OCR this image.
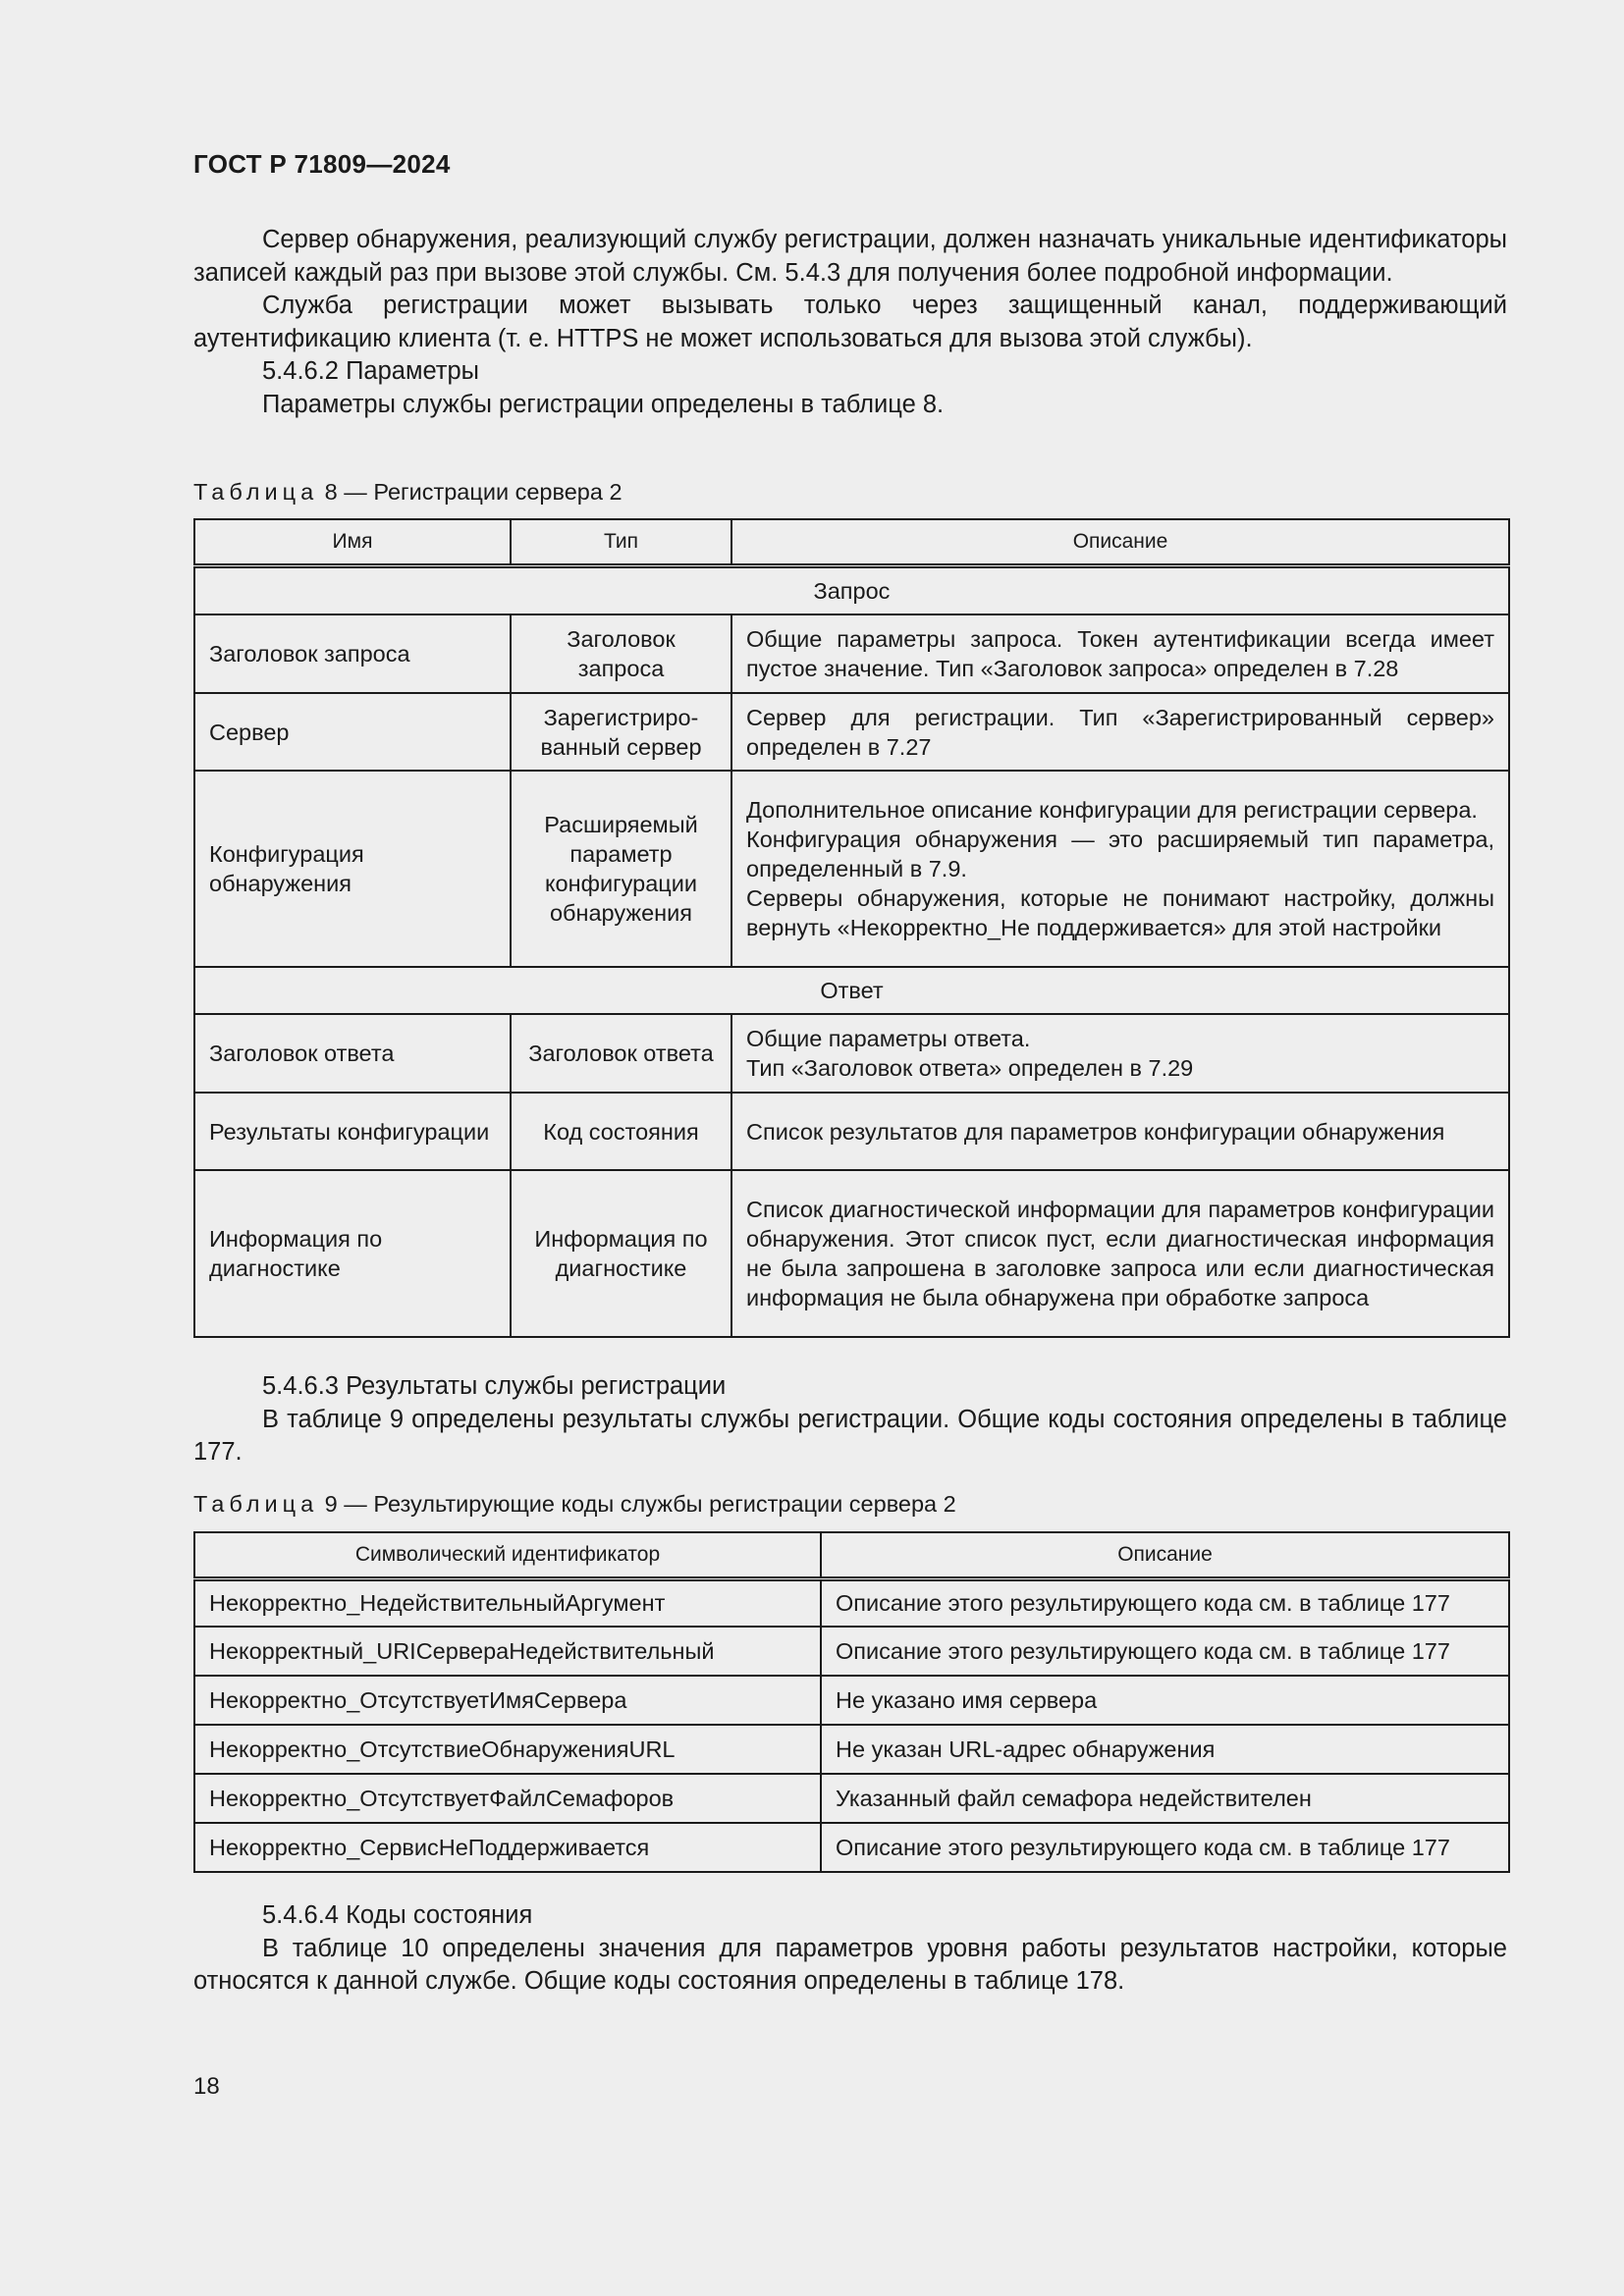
ГОСТ Р 71809—2024

Сервер обнаружения, реализующий службу регистрации, должен назначать уникальные идентификаторы записей каждый раз при вызове этой службы. См. 5.4.3 для получения более подробной информации.

Служба регистрации может вызывать только через защищенный канал, поддерживающий аутентификацию клиента (т. е. HTTPS не может использоваться для вызова этой службы).

5.4.6.2 Параметры

Параметры службы регистрации определены в таблице 8.

Таблица 8 — Регистрации сервера 2
Имя	Тип	Описание
Запрос		
Заголовок запроса	Заголовок запроса	Общие параметры запроса. Токен аутентификации всегда имеет пустое значение. Тип «Заголовок запроса» определен в 7.28
Сервер	Зарегистриро-ванный сервер	Сервер для регистрации. Тип «Зарегистрированный сервер» определен в 7.27
Конфигурация обнаружения	Расширяемый параметр конфигурации обнаружения	Дополнительное описание конфигурации для регистрации сервера.
Конфигурация обнаружения — это расширяемый тип параметра, определенный в 7.9.
Серверы обнаружения, которые не понимают настройку, должны вернуть «Некорректно_Не поддерживается» для этой настройки

Ответ		
Заголовок ответа	Заголовок ответа	Общие параметры ответа.
Тип «Заголовок ответа» определен в 7.29

Результаты конфигурации	Код состояния	Список результатов для параметров конфигурации обнаружения
Информация по диагностике	Информация по диагностике	Список диагностической информации для параметров конфигурации обнаружения. Этот список пуст, если диагностическая информация не была запрошена в заголовке запроса или если диагностическая информация не была обнаружена при обработке запроса

5.4.6.3 Результаты службы регистрации

В таблице 9 определены результаты службы регистрации. Общие коды состояния определены в таблице 177.

Таблица 9 — Результирующие коды службы регистрации сервера 2
Символический идентификатор	Описание
Некорректно_НедействительныйАргумент	Описание этого результирующего кода см. в таблице 177
Некорректный_URIСервераНедействительный	Описание этого результирующего кода см. в таблице 177
Некорректно_ОтсутствуетИмяСервера	Не указано имя сервера
Некорректно_ОтсутствиеОбнаруженияURL	Не указан URL-адрес обнаружения
Некорректно_ОтсутствуетФайлСемафоров	Указанный файл семафора недействителен
Некорректно_СервисНеПоддерживается	Описание этого результирующего кода см. в таблице 177

5.4.6.4 Коды состояния

В таблице 10 определены значения для параметров уровня работы результатов настройки, которые относятся к данной службе. Общие коды состояния определены в таблице 178.

18
